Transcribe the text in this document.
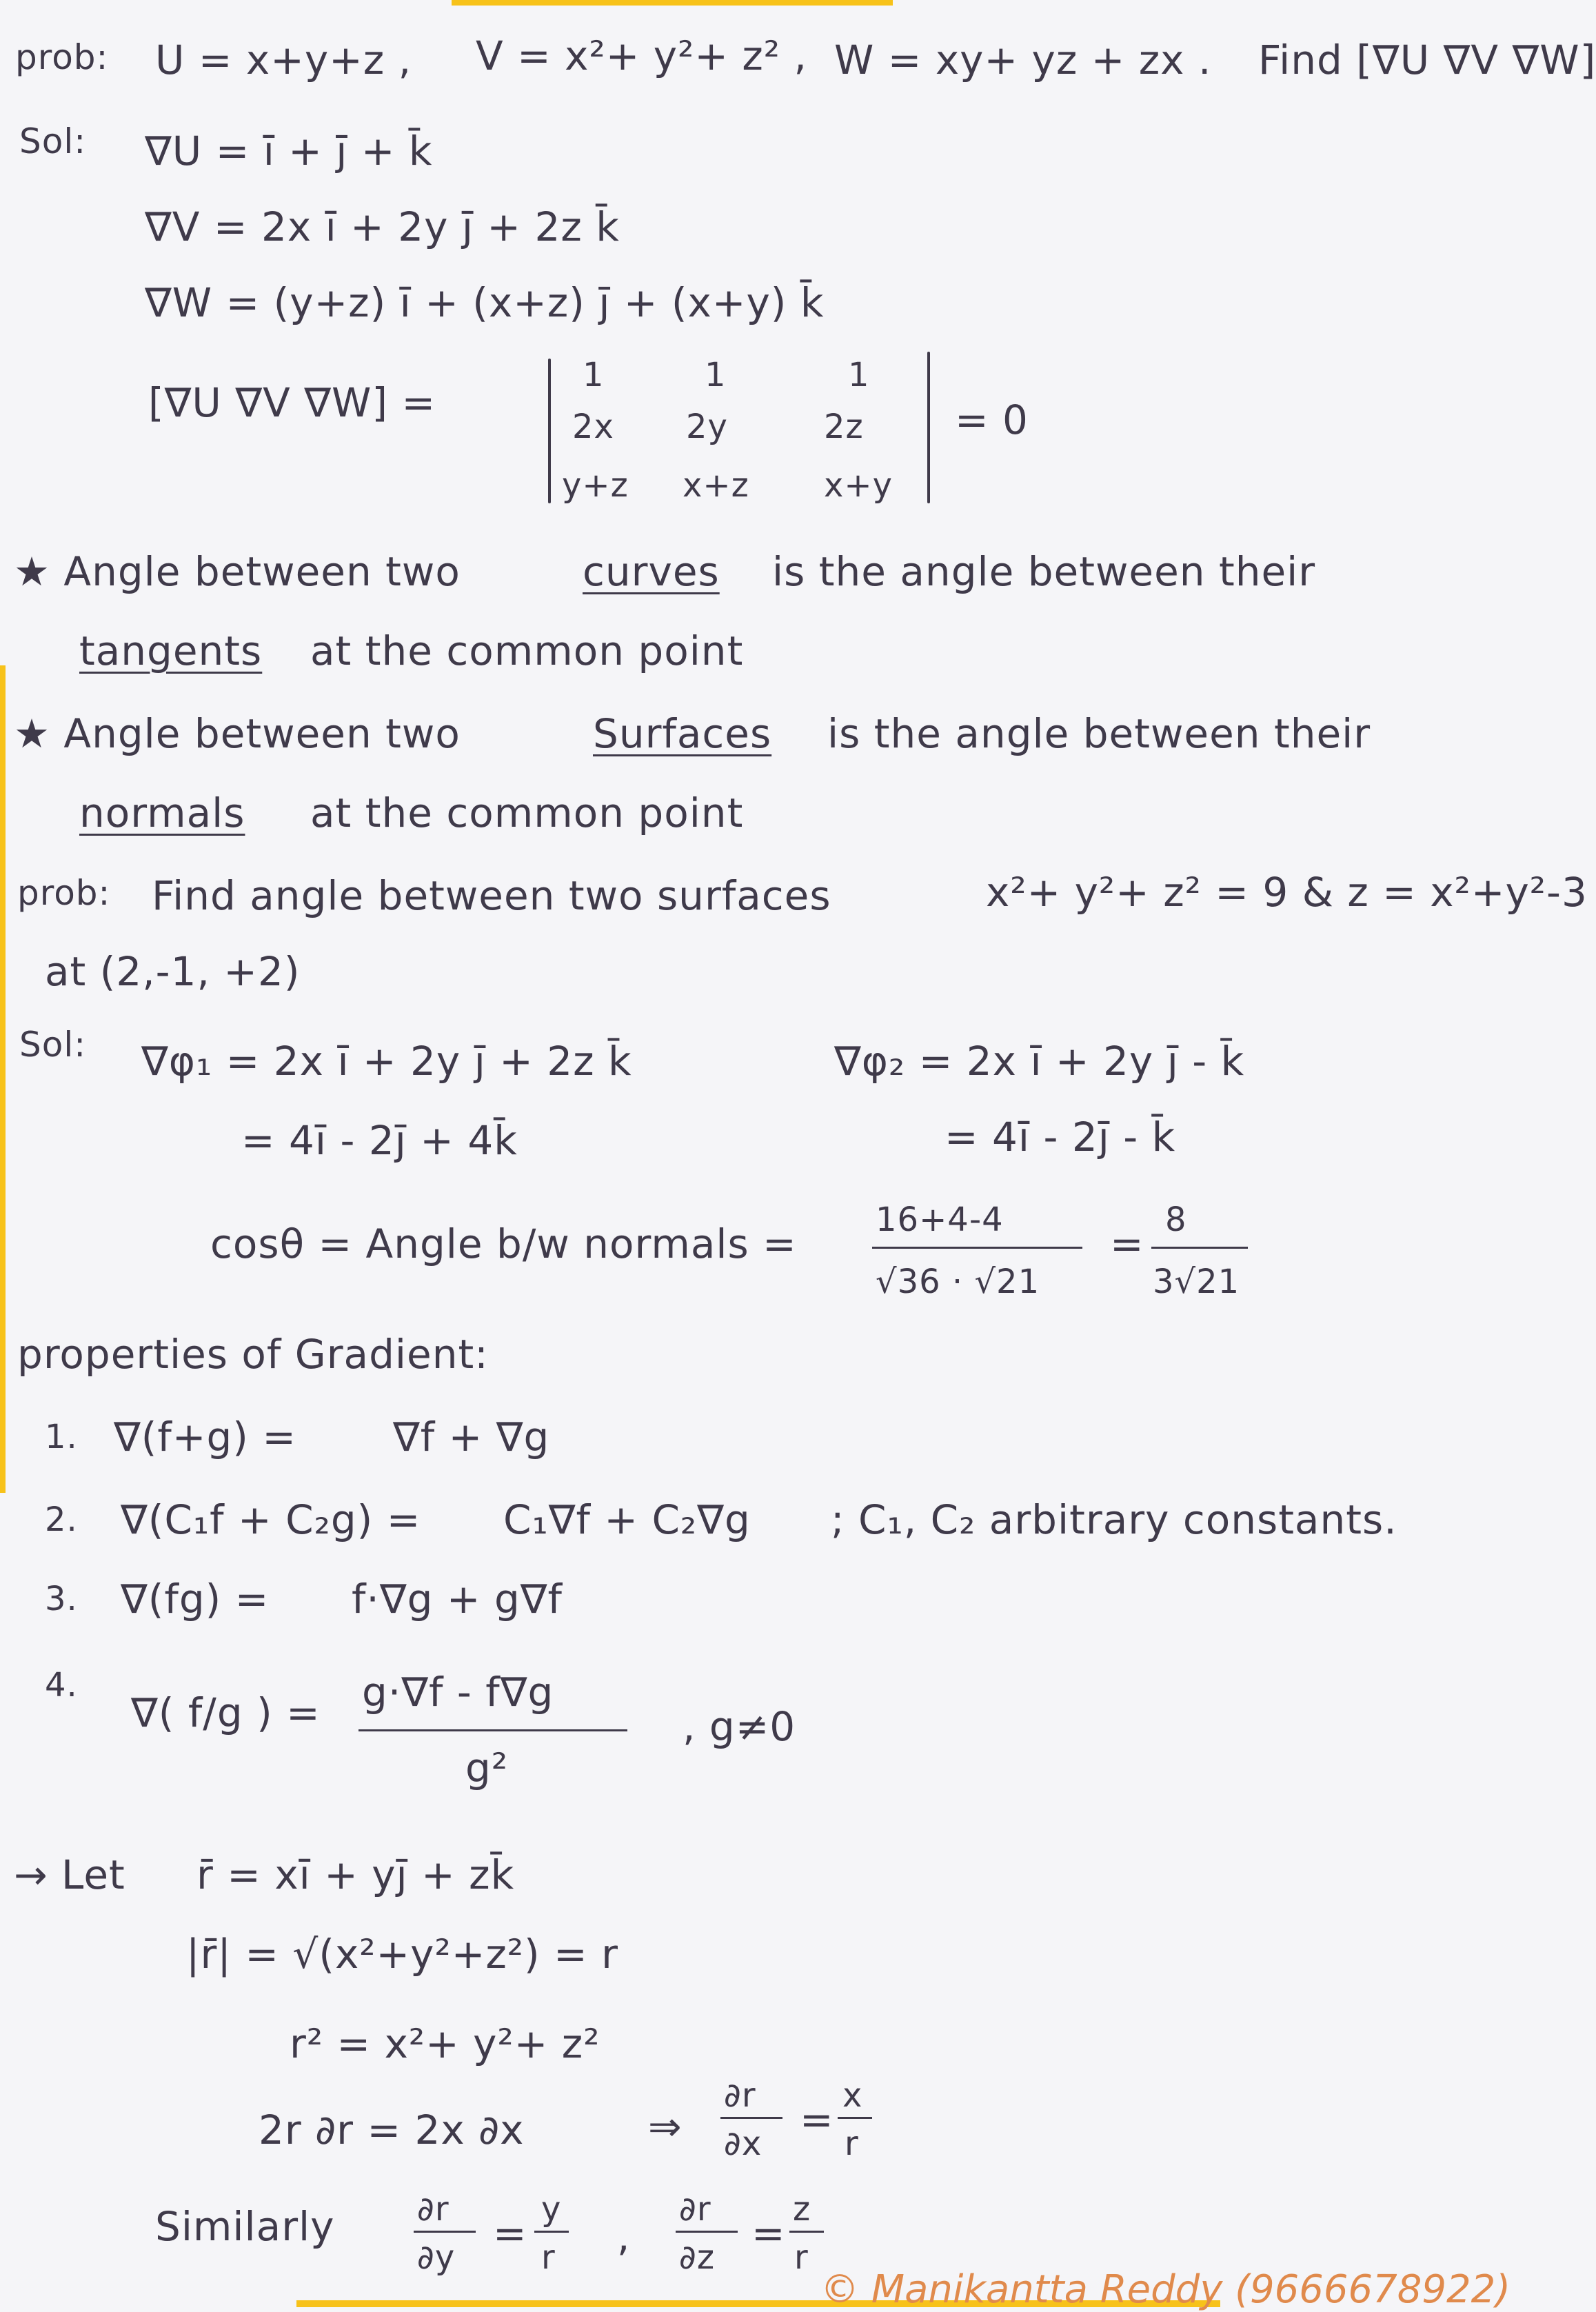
prob: U = x+y+z , V = x²+ y²+ z² , W = xy+ yz + zx . Find [∇U ∇V ∇W]
Sol: ∇U = ī + j̄ + k̄
∇V = 2x ī + 2y j̄ + 2z k̄
∇W = (y+z) ī + (x+z) j̄ + (x+y) k̄
[∇U ∇V ∇W] =
1	1	1
2x 2y	2z
y+z x+z x+y
= 0
★ Angle between two	curves is the angle between their
tangents at the common point
★ Angle between two	Surfaces is the angle between their
normals at the common point
prob: Find angle between two surfaces	x²+ y²+ z² = 9 & z = x²+y²-3
at (2,-1, +2)
Sol: ∇φ₁ = 2x ī + 2y j̄ + 2z k̄
= 4ī - 2j̄ + 4k̄
∇φ₂ = 2x ī + 2y j̄ - k̄
= 4ī - 2j̄ - k̄
cosθ = Angle b/w normals =
16+4-4
√36 · √21
=
8
3√21
properties of Gradient:
1. ∇(f+g) = ∇f + ∇g
2. ∇(C₁f + C₂g) = C₁∇f + C₂∇g ; C₁, C₂ arbitrary constants.
3. ∇(fg) = f·∇g + g∇f
4.
∇( f/g ) = g·∇f - f∇g
g²
, g≠0
→ Let r̄ = xī + yj̄ + zk̄
|r̄| = √(x²+y²+z²) = r
r² = x²+ y²+ z²
2r ∂r = 2x ∂x	⇒
∂r
∂x
=
x
r
Similarly ∂r
∂y
=
y
r ,
∂r
∂z
=
z
r
© Manikantta Reddy (9666678922)
